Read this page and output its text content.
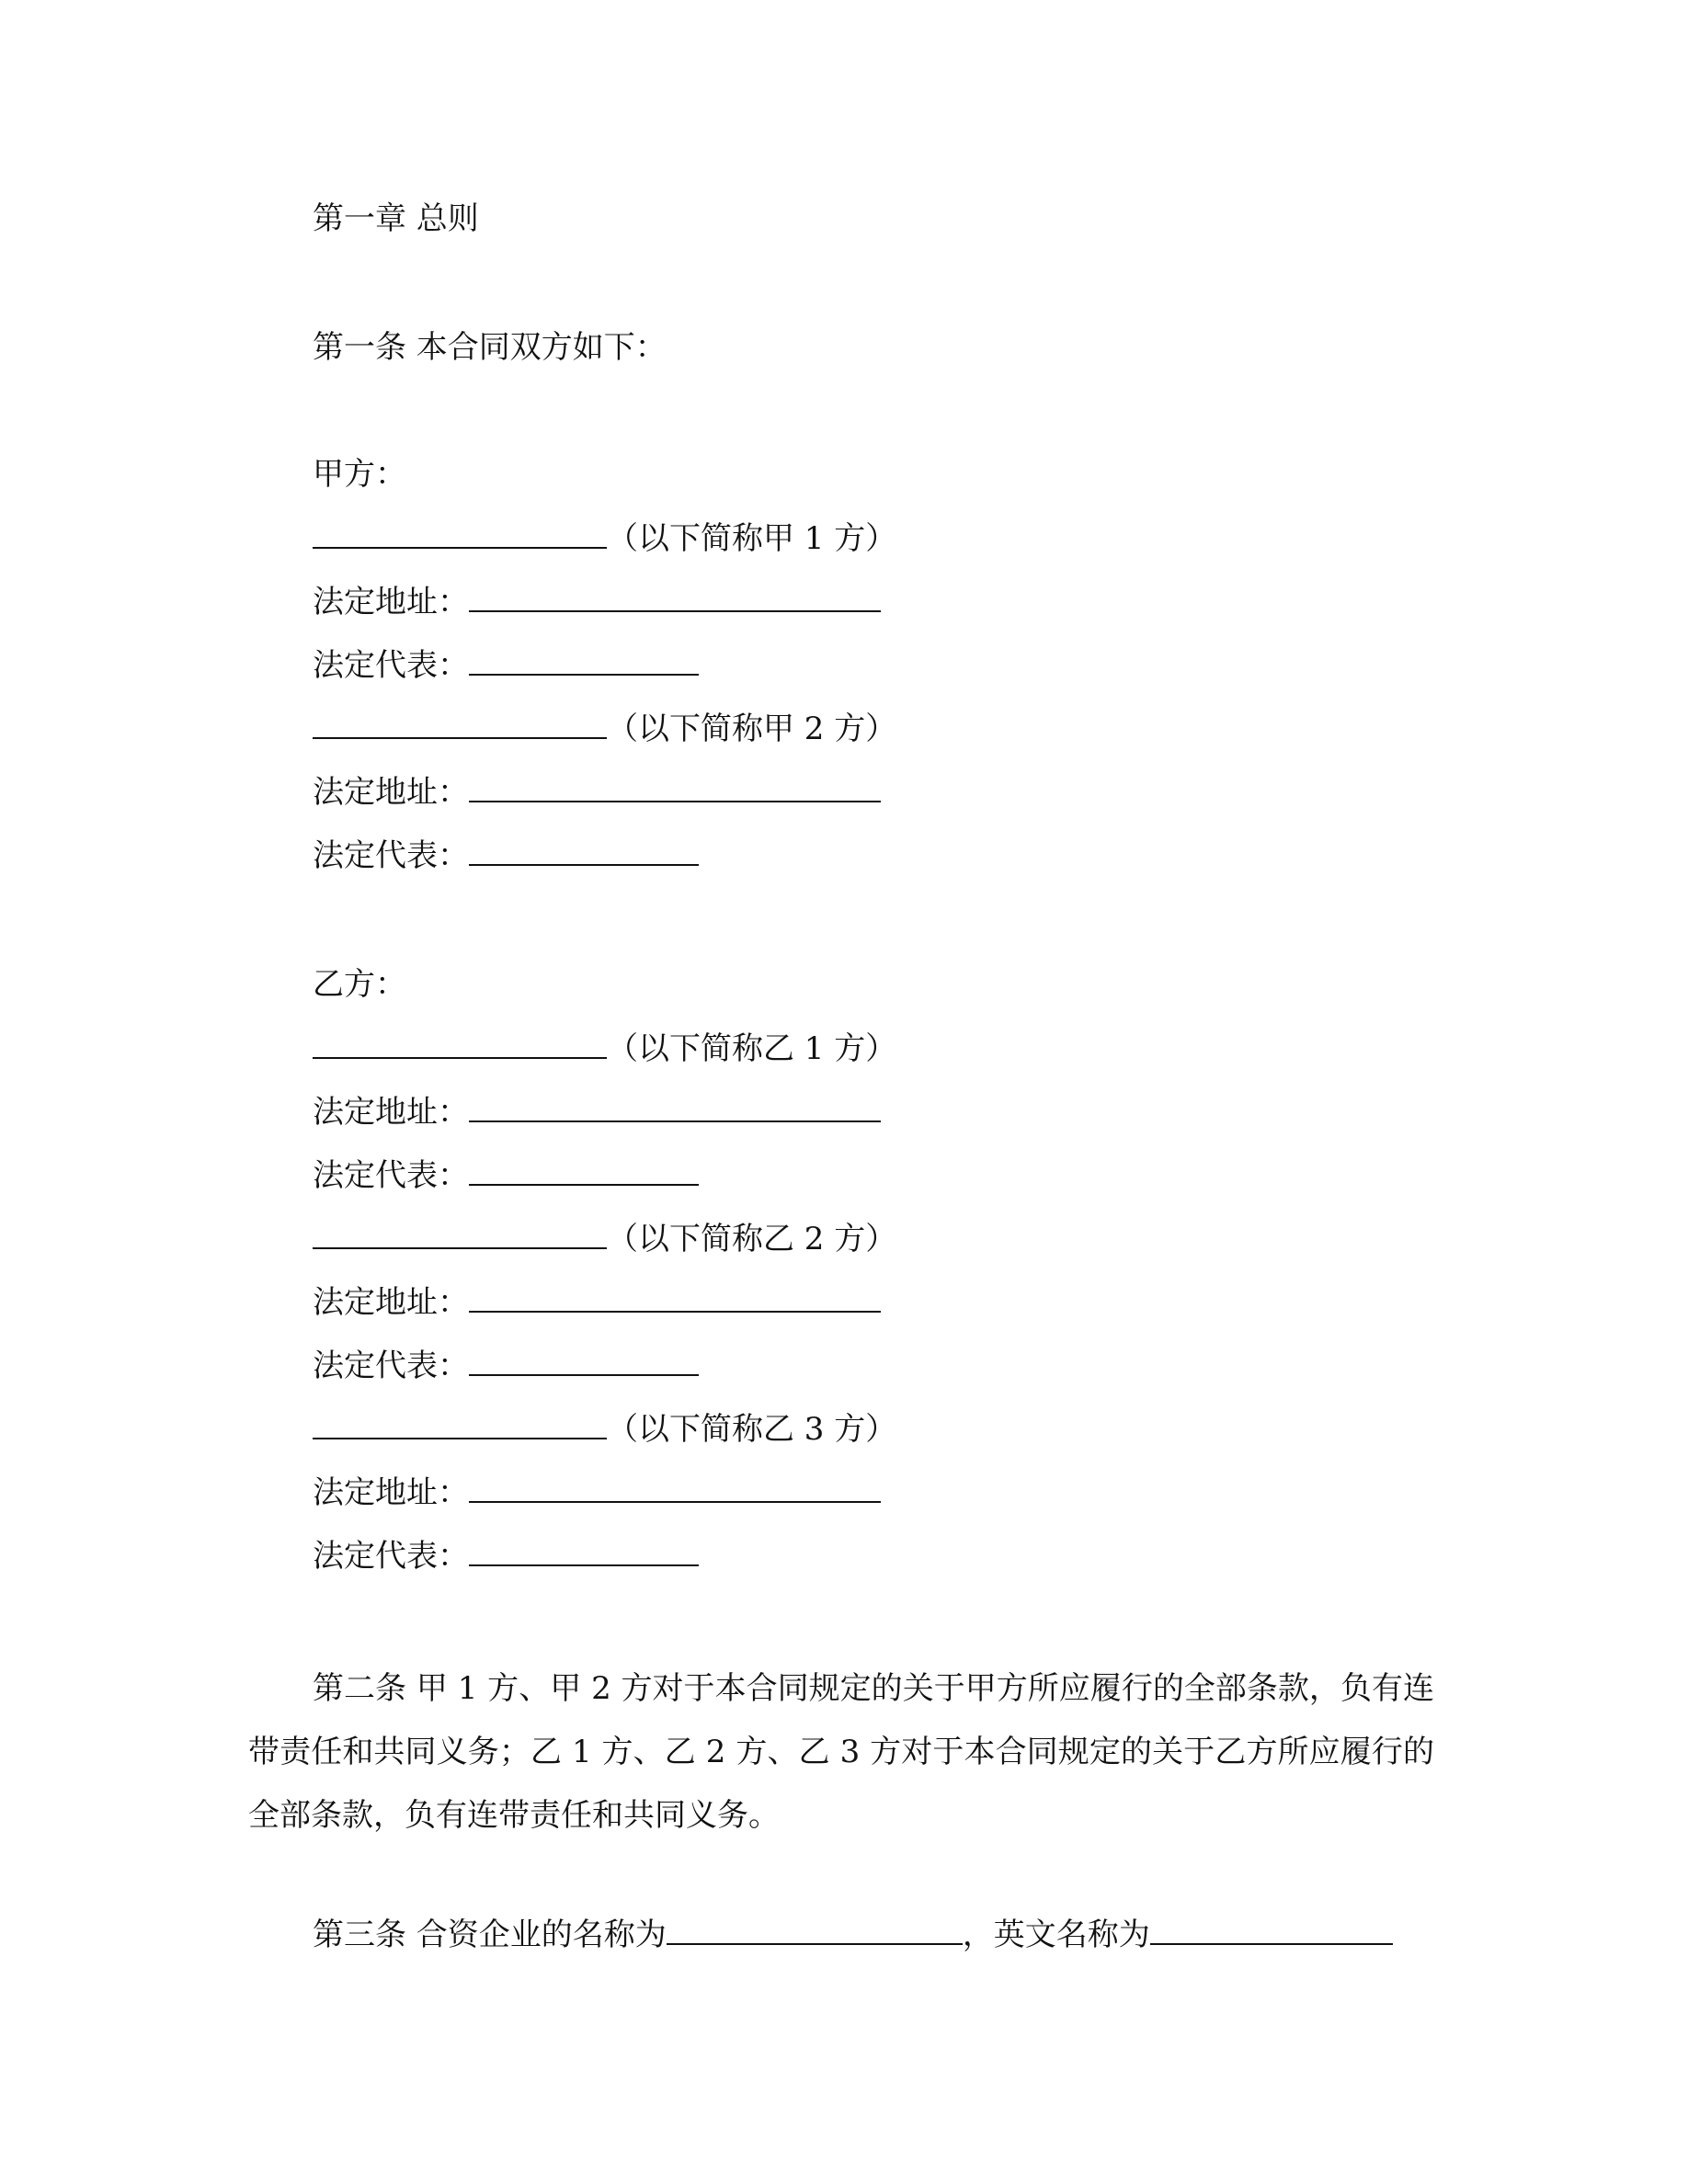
第一章 总则
第一条 本合同双方如下：
甲方：
（以下简称甲 1 方）
法定地址：
法定代表：
（以下简称甲 2 方）
法定地址：
法定代表：
乙方：
（以下简称乙 1 方）
法定地址：
法定代表：
（以下简称乙 2 方）
法定地址：
法定代表：
（以下简称乙 3 方）
法定地址：
法定代表：
第二条 甲 1 方、甲 2 方对于本合同规定的关于甲方所应履行的全部条款，负有连带责任和共同义务；乙 1 方、乙 2 方、乙 3 方对于本合同规定的关于乙方所应履行的全部条款，负有连带责任和共同义务。
第三条 合资企业的名称为	，英文名称为
